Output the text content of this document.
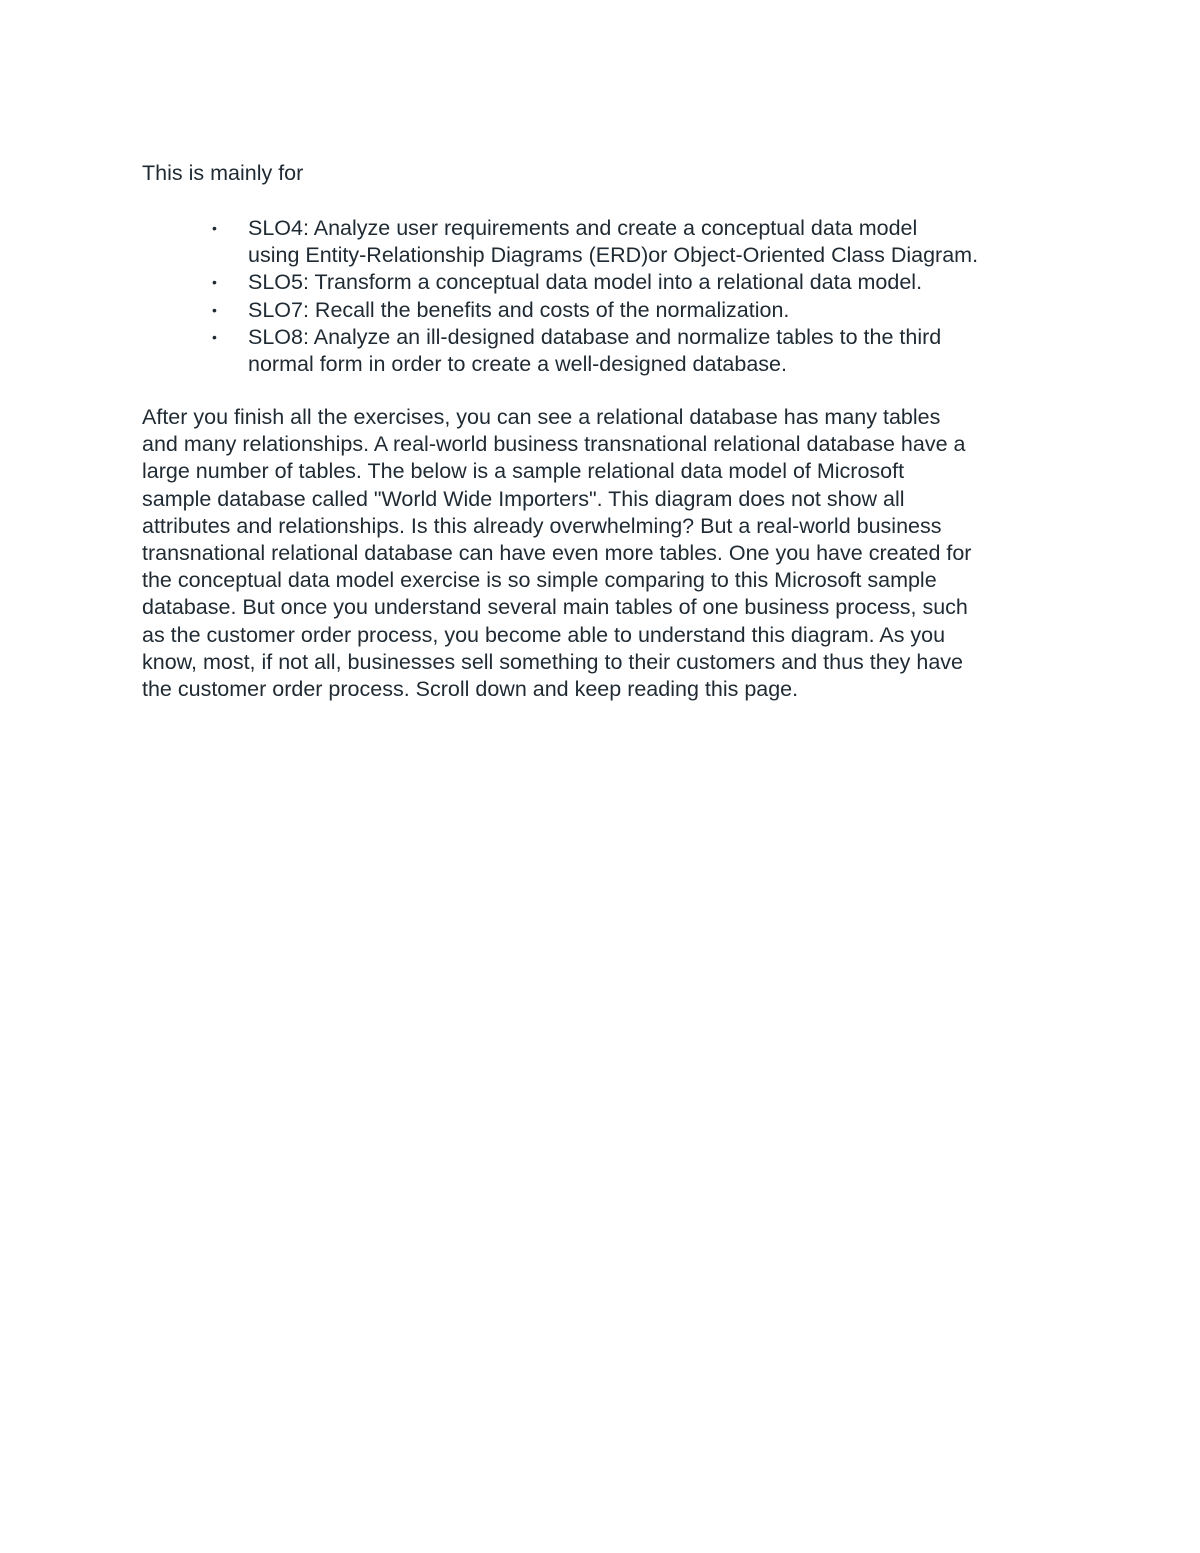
This is mainly for

• SLO4: Analyze user requirements and create a conceptual data model
using Entity-Relationship Diagrams (ERD)or Object-Oriented Class Diagram.
• SLO5: Transform a conceptual data model into a relational data model.
• SLO7: Recall the benefits and costs of the normalization.
• SLO8: Analyze an ill-designed database and normalize tables to the third
normal form in order to create a well-designed database.

After you finish all the exercises, you can see a relational database has many tables
and many relationships. A real-world business transnational relational database have a
large number of tables. The below is a sample relational data model of Microsoft
sample database called "World Wide Importers". This diagram does not show all
attributes and relationships. Is this already overwhelming? But a real-world business
transnational relational database can have even more tables. One you have created for
the conceptual data model exercise is so simple comparing to this Microsoft sample
database. But once you understand several main tables of one business process, such
as the customer order process, you become able to understand this diagram. As you
know, most, if not all, businesses sell something to their customers and thus they have
the customer order process. Scroll down and keep reading this page.
